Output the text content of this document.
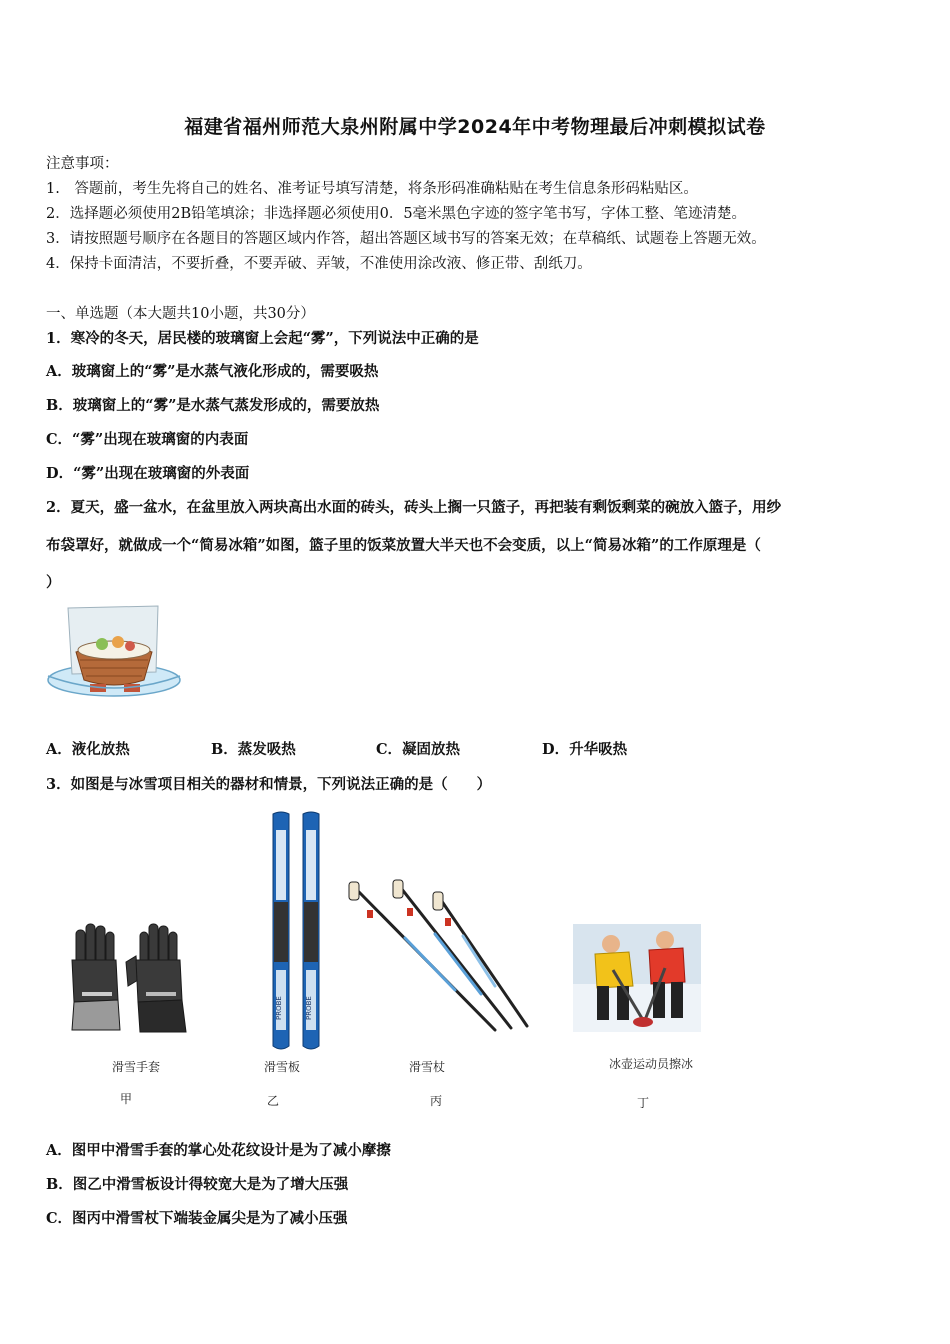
福建省福州师范大泉州附属中学2024年中考物理最后冲刺模拟试卷
注意事项：
1.　答题前，考生先将自己的姓名、准考证号填写清楚，将条形码准确粘贴在考生信息条形码粘贴区。
2．选择题必须使用2B铅笔填涂；非选择题必须使用0．5毫米黑色字迹的签字笔书写，字体工整、笔迹清楚。
3．请按照题号顺序在各题目的答题区域内作答，超出答题区域书写的答案无效；在草稿纸、试题卷上答题无效。
4．保持卡面清洁，不要折叠，不要弄破、弄皱，不准使用涂改液、修正带、刮纸刀。
一、单选题（本大题共10小题，共30分）
1．寒冷的冬天，居民楼的玻璃窗上会起“雾”，下列说法中正确的是
A．玻璃窗上的“雾”是水蒸气液化形成的，需要吸热
B．玻璃窗上的“雾”是水蒸气蒸发形成的，需要放热
C．“雾”出现在玻璃窗的内表面
D．“雾”出现在玻璃窗的外表面
2．夏天，盛一盆水，在盆里放入两块高出水面的砖头，砖头上搁一只篮子，再把装有剩饭剩菜的碗放入篮子，用纱
布袋罩好，就做成一个“简易冰箱”如图，篮子里的饭菜放置大半天也不会变质，以上“简易冰箱”的工作原理是（
）
A．液化放热	B．蒸发吸热	C．凝固放热	D．升华吸热
3．如图是与冰雪项目相关的器材和情景，下列说法正确的是（　　）
PROBE	PROBE
滑雪手套	滑雪板	滑雪杖	冰壶运动员擦冰
甲	乙	丙	丁
A．图甲中滑雪手套的掌心处花纹设计是为了减小摩擦
B．图乙中滑雪板设计得较宽大是为了增大压强
C．图丙中滑雪杖下端装金属尖是为了减小压强
